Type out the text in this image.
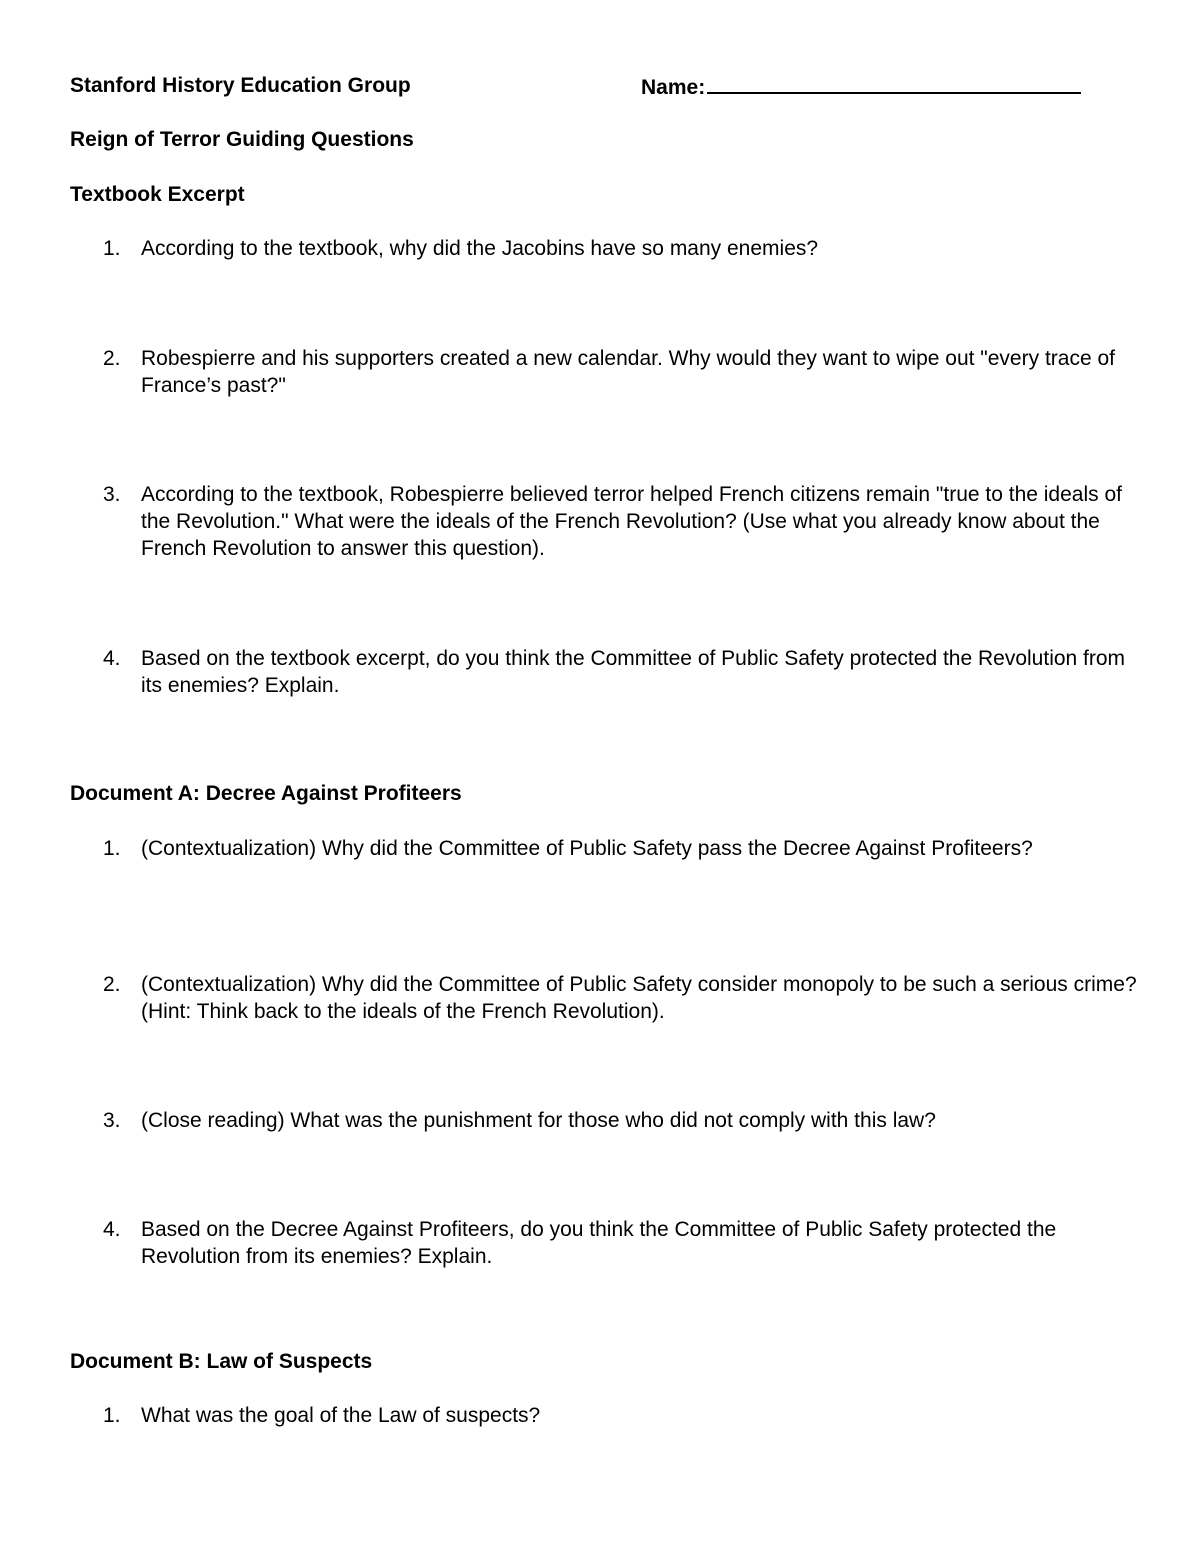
Stanford History Education Group	Name:
Reign of Terror Guiding Questions
Textbook Excerpt
1. According to the textbook, why did the Jacobins have so many enemies?
2. Robespierre and his supporters created a new calendar. Why would they want to wipe out "every trace of France’s past?"
3. According to the textbook, Robespierre believed terror helped French citizens remain "true to the ideals of the Revolution." What were the ideals of the French Revolution? (Use what you already know about the French Revolution to answer this question).
4. Based on the textbook excerpt, do you think the Committee of Public Safety protected the Revolution from its enemies? Explain.
Document A: Decree Against Profiteers
1. (Contextualization) Why did the Committee of Public Safety pass the Decree Against Profiteers?
2. (Contextualization) Why did the Committee of Public Safety consider monopoly to be such a serious crime? (Hint: Think back to the ideals of the French Revolution).
3. (Close reading) What was the punishment for those who did not comply with this law?
4. Based on the Decree Against Profiteers, do you think the Committee of Public Safety protected the Revolution from its enemies? Explain.
Document B: Law of Suspects
1. What was the goal of the Law of suspects?
